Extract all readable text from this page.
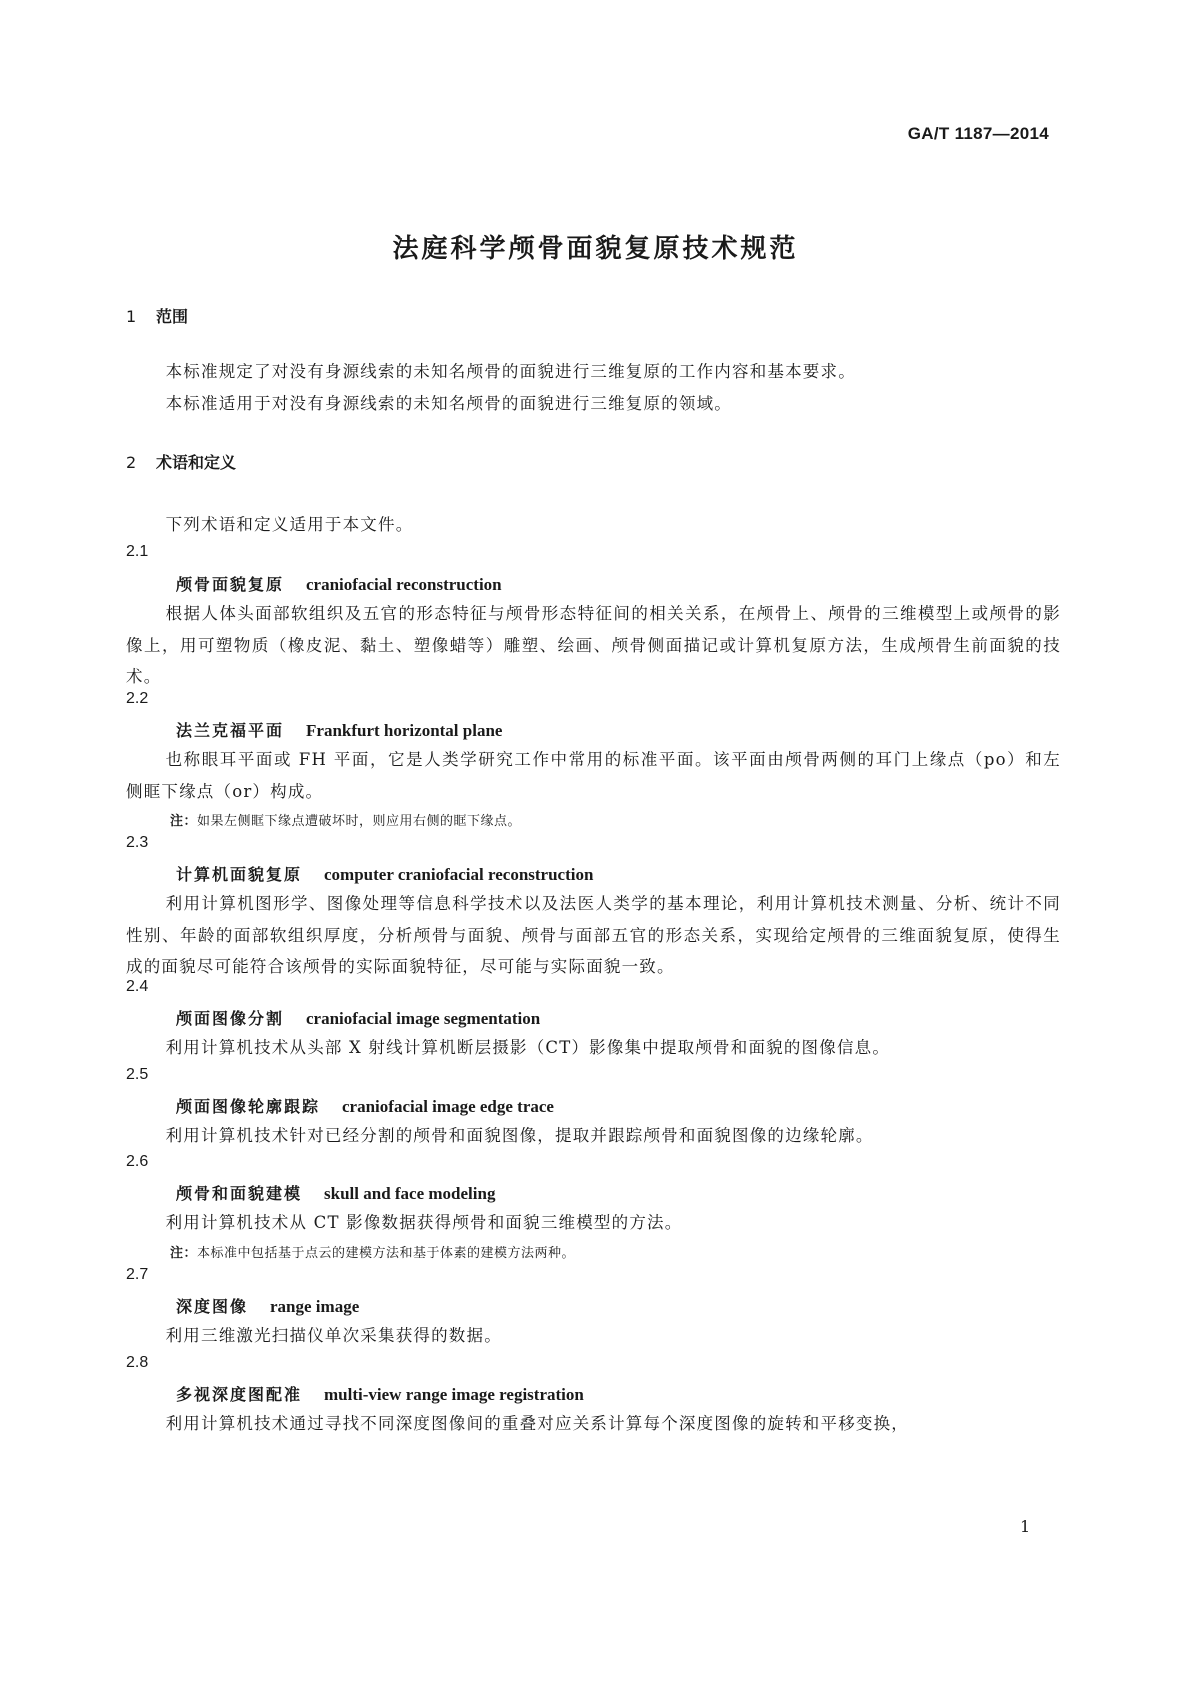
GA/T 1187—2014
法庭科学颅骨面貌复原技术规范
1 范围
本标准规定了对没有身源线索的未知名颅骨的面貌进行三维复原的工作内容和基本要求。
本标准适用于对没有身源线索的未知名颅骨的面貌进行三维复原的领域。
2 术语和定义
下列术语和定义适用于本文件。
2.1
颅骨面貌复原 craniofacial reconstruction
根据人体头面部软组织及五官的形态特征与颅骨形态特征间的相关关系，在颅骨上、颅骨的三维模型上或颅骨的影像上，用可塑物质（橡皮泥、黏土、塑像蜡等）雕塑、绘画、颅骨侧面描记或计算机复原方法，生成颅骨生前面貌的技术。
2.2
法兰克福平面 Frankfurt horizontal plane
也称眼耳平面或 FH 平面，它是人类学研究工作中常用的标准平面。该平面由颅骨两侧的耳门上缘点（po）和左侧眶下缘点（or）构成。
注：如果左侧眶下缘点遭破坏时，则应用右侧的眶下缘点。
2.3
计算机面貌复原 computer craniofacial reconstruction
利用计算机图形学、图像处理等信息科学技术以及法医人类学的基本理论，利用计算机技术测量、分析、统计不同性别、年龄的面部软组织厚度，分析颅骨与面貌、颅骨与面部五官的形态关系，实现给定颅骨的三维面貌复原，使得生成的面貌尽可能符合该颅骨的实际面貌特征，尽可能与实际面貌一致。
2.4
颅面图像分割 craniofacial image segmentation
利用计算机技术从头部 X 射线计算机断层摄影（CT）影像集中提取颅骨和面貌的图像信息。
2.5
颅面图像轮廓跟踪 craniofacial image edge trace
利用计算机技术针对已经分割的颅骨和面貌图像，提取并跟踪颅骨和面貌图像的边缘轮廓。
2.6
颅骨和面貌建模 skull and face modeling
利用计算机技术从 CT 影像数据获得颅骨和面貌三维模型的方法。
注：本标准中包括基于点云的建模方法和基于体素的建模方法两种。
2.7
深度图像 range image
利用三维激光扫描仪单次采集获得的数据。
2.8
多视深度图配准 multi-view range image registration
利用计算机技术通过寻找不同深度图像间的重叠对应关系计算每个深度图像的旋转和平移变换，
1
